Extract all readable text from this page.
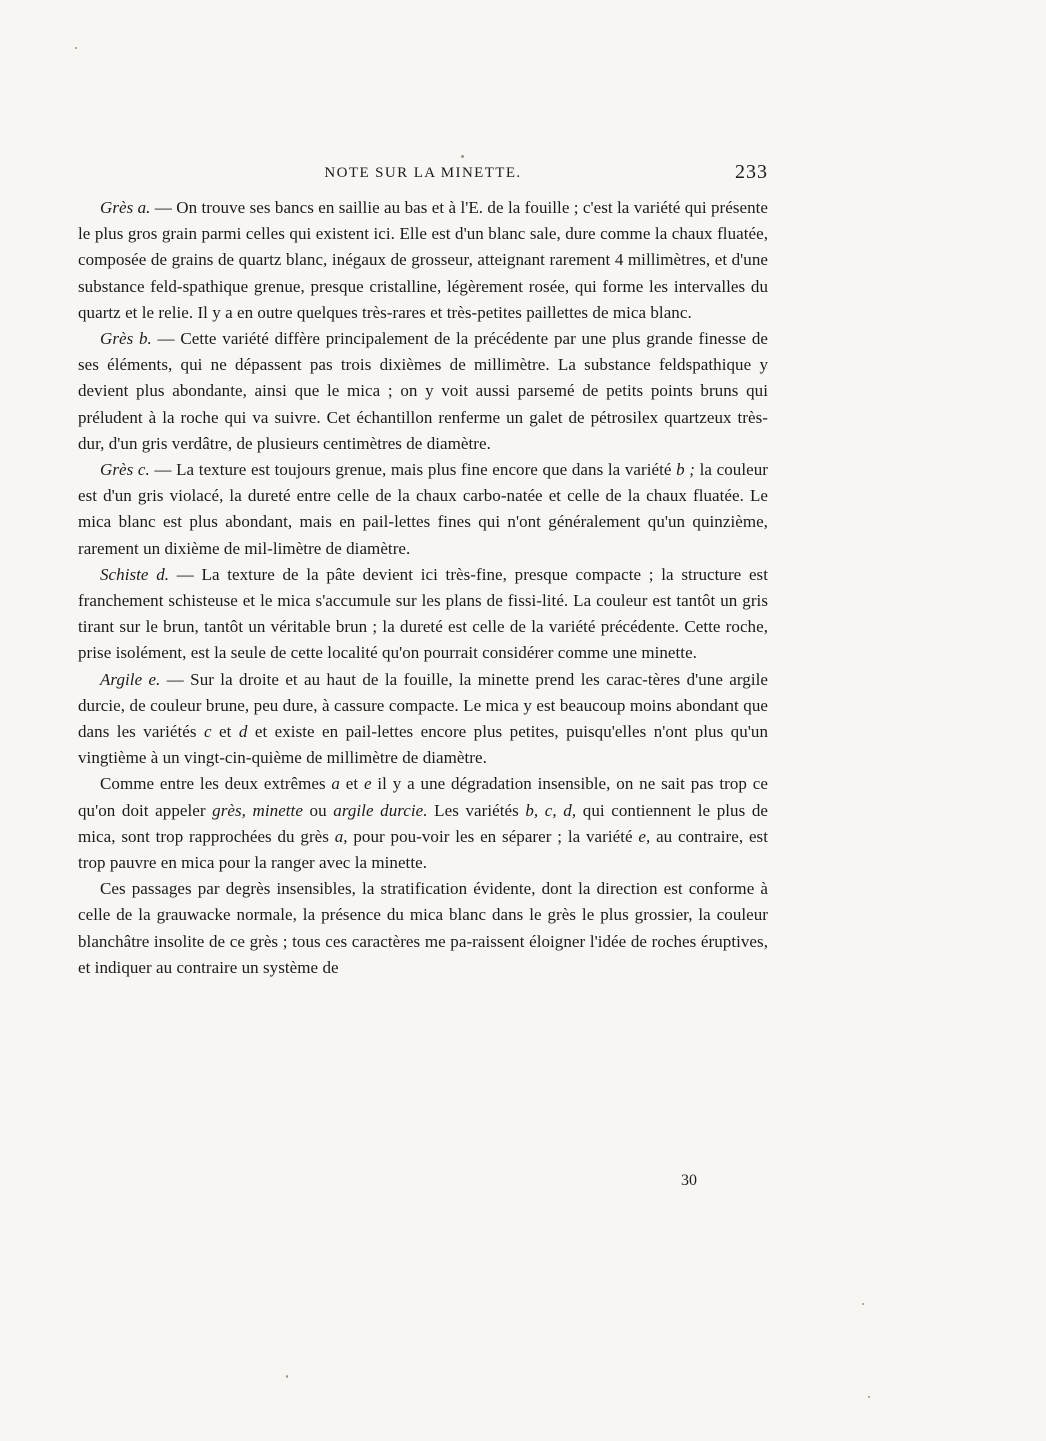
NOTE SUR LA MINETTE.	233

Grès a. — On trouve ses bancs en saillie au bas et à l'E. de la fouille ; c'est la variété qui présente le plus gros grain parmi celles qui existent ici. Elle est d'un blanc sale, dure comme la chaux fluatée, composée de grains de quartz blanc, inégaux de grosseur, atteignant rarement 4 millimètres, et d'une substance feld-spathique grenue, presque cristalline, légèrement rosée, qui forme les intervalles du quartz et le relie. Il y a en outre quelques très-rares et très-petites paillettes de mica blanc.

Grès b. — Cette variété diffère principalement de la précédente par une plus grande finesse de ses éléments, qui ne dépassent pas trois dixièmes de millimètre. La substance feldspathique y devient plus abondante, ainsi que le mica ; on y voit aussi parsemé de petits points bruns qui préludent à la roche qui va suivre. Cet échantillon renferme un galet de pétrosilex quartzeux très-dur, d'un gris verdâtre, de plusieurs centimètres de diamètre.

Grès c. — La texture est toujours grenue, mais plus fine encore que dans la variété b ; la couleur est d'un gris violacé, la dureté entre celle de la chaux carbo-natée et celle de la chaux fluatée. Le mica blanc est plus abondant, mais en pail-lettes fines qui n'ont généralement qu'un quinzième, rarement un dixième de mil-limètre de diamètre.

Schiste d. — La texture de la pâte devient ici très-fine, presque compacte ; la structure est franchement schisteuse et le mica s'accumule sur les plans de fissi-lité. La couleur est tantôt un gris tirant sur le brun, tantôt un véritable brun ; la dureté est celle de la variété précédente. Cette roche, prise isolément, est la seule de cette localité qu'on pourrait considérer comme une minette.

Argile e. — Sur la droite et au haut de la fouille, la minette prend les carac-tères d'une argile durcie, de couleur brune, peu dure, à cassure compacte. Le mica y est beaucoup moins abondant que dans les variétés c et d et existe en pail-lettes encore plus petites, puisqu'elles n'ont plus qu'un vingtième à un vingt-cin-quième de millimètre de diamètre.

Comme entre les deux extrêmes a et e il y a une dégradation insensible, on ne sait pas trop ce qu'on doit appeler grès, minette ou argile durcie. Les variétés b, c, d, qui contiennent le plus de mica, sont trop rapprochées du grès a, pour pou-voir les en séparer ; la variété e, au contraire, est trop pauvre en mica pour la ranger avec la minette.

Ces passages par degrès insensibles, la stratification évidente, dont la direction est conforme à celle de la grauwacke normale, la présence du mica blanc dans le grès le plus grossier, la couleur blanchâtre insolite de ce grès ; tous ces caractères me pa-raissent éloigner l'idée de roches éruptives, et indiquer au contraire un système de

30
